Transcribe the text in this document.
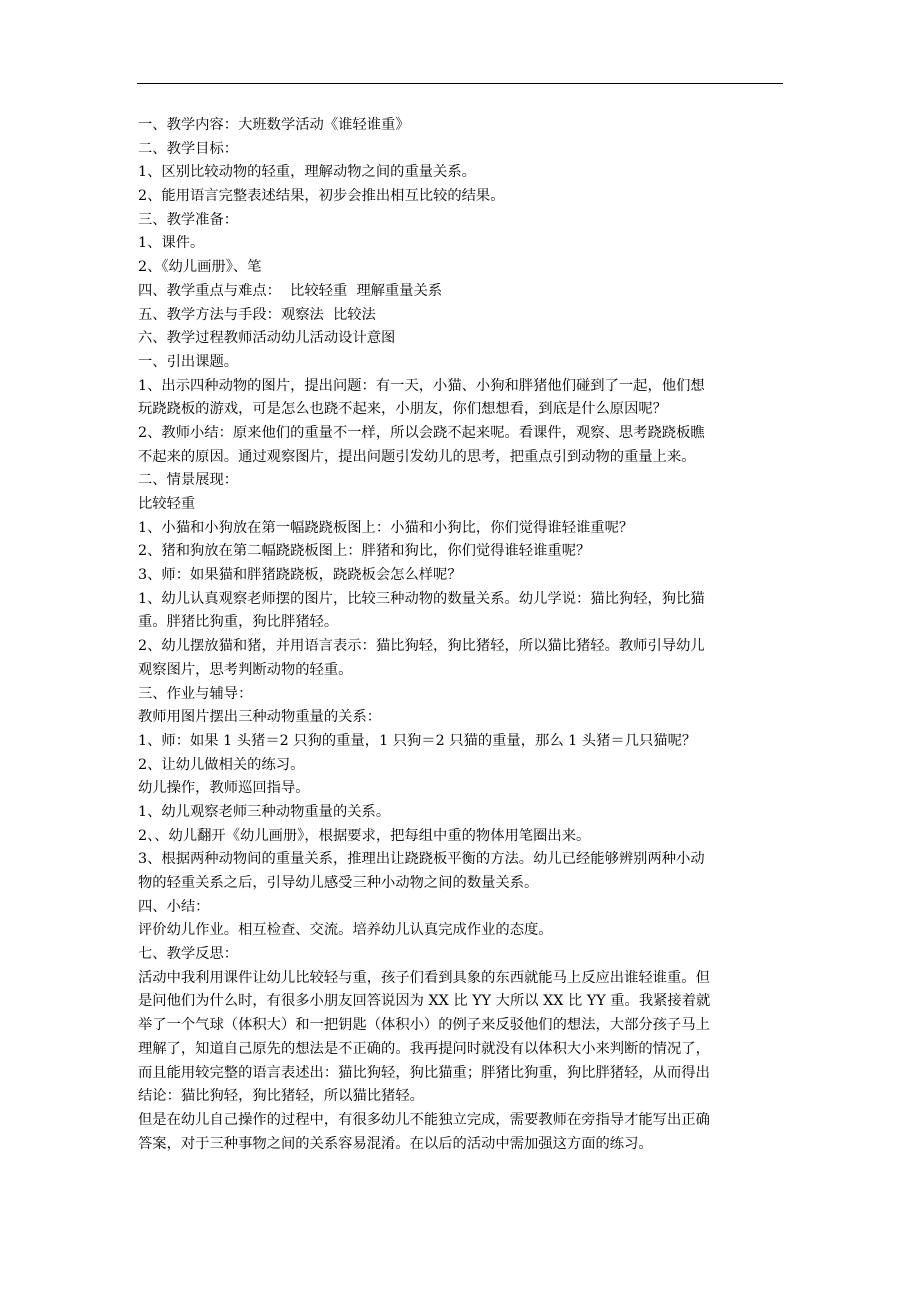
一、教学内容：大班数学活动《谁轻谁重》
二、教学目标：
1、区别比较动物的轻重，理解动物之间的重量关系。
2、能用语言完整表述结果，初步会推出相互比较的结果。
三、教学准备：
1、课件。
2、《幼儿画册》、笔
四、教学重点与难点：  比较轻重  理解重量关系
五、教学方法与手段：观察法  比较法
六、教学过程教师活动幼儿活动设计意图
一、引出课题。
1、出示四种动物的图片，提出问题：有一天，小猫、小狗和胖猪他们碰到了一起，他们想
玩跷跷板的游戏，可是怎么也跷不起来，小朋友，你们想想看，到底是什么原因呢？
2、教师小结：原来他们的重量不一样，所以会跷不起来呢。看课件，观察、思考跷跷板瞧
不起来的原因。通过观察图片，提出问题引发幼儿的思考，把重点引到动物的重量上来。
二、情景展现：
比较轻重
1、小猫和小狗放在第一幅跷跷板图上：小猫和小狗比，你们觉得谁轻谁重呢？
2、猪和狗放在第二幅跷跷板图上：胖猪和狗比，你们觉得谁轻谁重呢？
3、师：如果猫和胖猪跷跷板，跷跷板会怎么样呢？
1、幼儿认真观察老师摆的图片，比较三种动物的数量关系。幼儿学说：猫比狗轻，狗比猫
重。胖猪比狗重，狗比胖猪轻。
2、幼儿摆放猫和猪，并用语言表示：猫比狗轻，狗比猪轻，所以猫比猪轻。教师引导幼儿
观察图片，思考判断动物的轻重。
三、作业与辅导：
教师用图片摆出三种动物重量的关系：
1、师：如果 1 头猪＝2 只狗的重量，1 只狗＝2 只猫的重量，那么 1 头猪＝几只猫呢？
2、让幼儿做相关的练习。
幼儿操作，教师巡回指导。
1、幼儿观察老师三种动物重量的关系。
2、、幼儿翻开《幼儿画册》，根据要求，把每组中重的物体用笔圈出来。
3、根据两种动物间的重量关系，推理出让跷跷板平衡的方法。幼儿已经能够辨别两种小动
物的轻重关系之后，引导幼儿感受三种小动物之间的数量关系。
四、小结：
评价幼儿作业。相互检查、交流。培养幼儿认真完成作业的态度。
七、教学反思：
活动中我利用课件让幼儿比较轻与重，孩子们看到具象的东西就能马上反应出谁轻谁重。但
是问他们为什么时，有很多小朋友回答说因为 XX 比 YY 大所以 XX 比 YY 重。我紧接着就
举了一个气球（体积大）和一把钥匙（体积小）的例子来反驳他们的想法，大部分孩子马上
理解了，知道自己原先的想法是不正确的。我再提问时就没有以体积大小来判断的情况了，
而且能用较完整的语言表述出：猫比狗轻，狗比猫重；胖猪比狗重，狗比胖猪轻，从而得出
结论：猫比狗轻，狗比猪轻，所以猫比猪轻。
但是在幼儿自己操作的过程中，有很多幼儿不能独立完成，需要教师在旁指导才能写出正确
答案，对于三种事物之间的关系容易混淆。在以后的活动中需加强这方面的练习。
